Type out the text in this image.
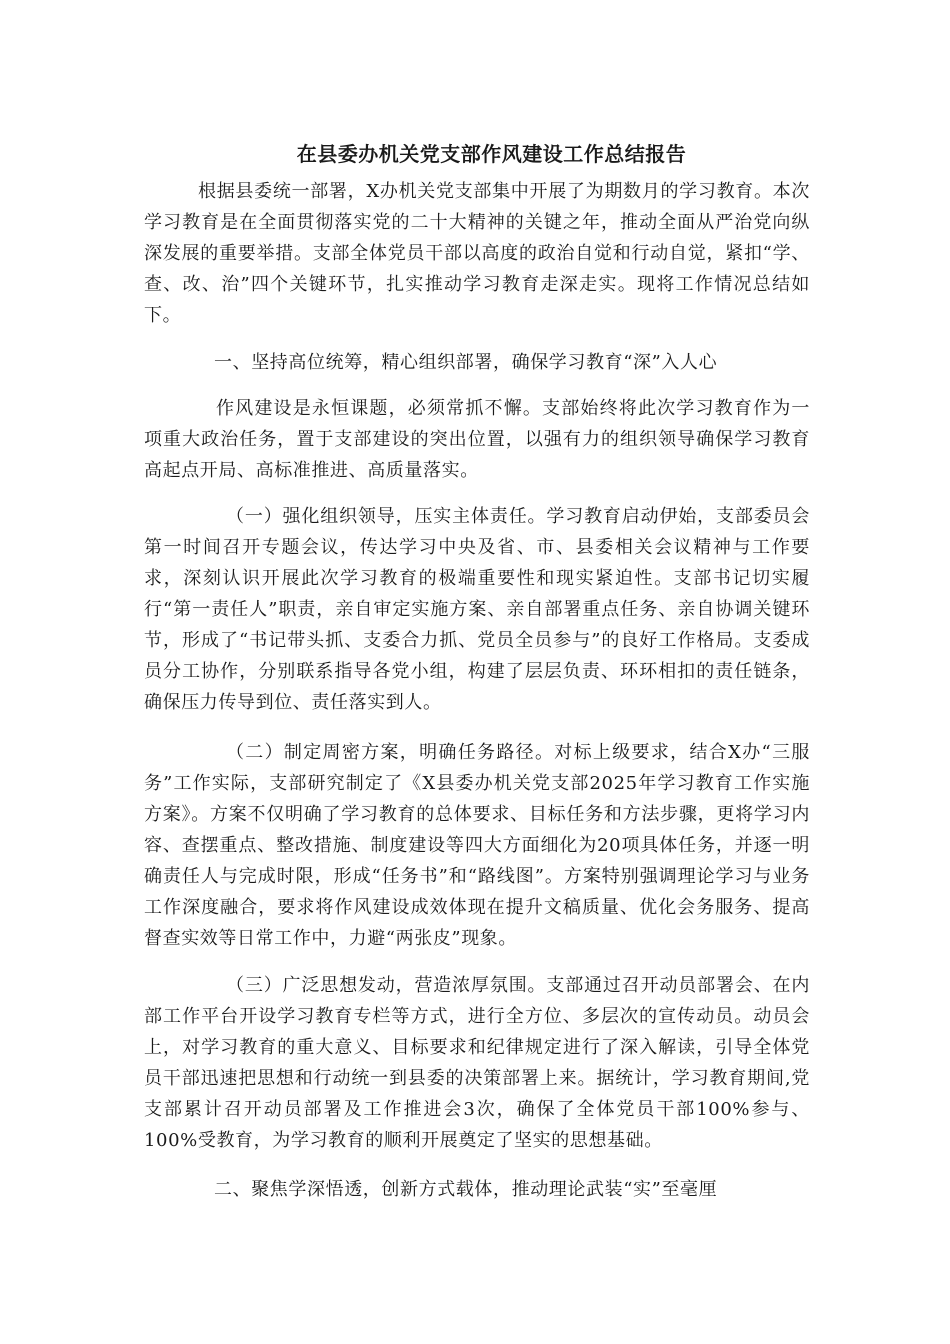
在县委办机关党支部作风建设工作总结报告

根据县委统一部署，X办机关党支部集中开展了为期数月的学习教育。本次学习教育是在全面贯彻落实党的二十大精神的关键之年，推动全面从严治党向纵深发展的重要举措。支部全体党员干部以高度的政治自觉和行动自觉，紧扣“学、查、改、治”四个关键环节，扎实推动学习教育走深走实。现将工作情况总结如下。

一、坚持高位统筹，精心组织部署，确保学习教育“深”入人心

作风建设是永恒课题，必须常抓不懈。支部始终将此次学习教育作为一项重大政治任务，置于支部建设的突出位置，以强有力的组织领导确保学习教育高起点开局、高标准推进、高质量落实。

（一）强化组织领导，压实主体责任。学习教育启动伊始，支部委员会第一时间召开专题会议，传达学习中央及省、市、县委相关会议精神与工作要求，深刻认识开展此次学习教育的极端重要性和现实紧迫性。支部书记切实履行“第一责任人”职责，亲自审定实施方案、亲自部署重点任务、亲自协调关键环节，形成了“书记带头抓、支委合力抓、党员全员参与”的良好工作格局。支委成员分工协作，分别联系指导各党小组，构建了层层负责、环环相扣的责任链条，确保压力传导到位、责任落实到人。

（二）制定周密方案，明确任务路径。对标上级要求，结合X办“三服务”工作实际，支部研究制定了《X县委办机关党支部2025年学习教育工作实施方案》。方案不仅明确了学习教育的总体要求、目标任务和方法步骤，更将学习内容、查摆重点、整改措施、制度建设等四大方面细化为20项具体任务，并逐一明确责任人与完成时限，形成“任务书”和“路线图”。方案特别强调理论学习与业务工作深度融合，要求将作风建设成效体现在提升文稿质量、优化会务服务、提高督查实效等日常工作中，力避“两张皮”现象。

（三）广泛思想发动，营造浓厚氛围。支部通过召开动员部署会、在内部工作平台开设学习教育专栏等方式，进行全方位、多层次的宣传动员。动员会上，对学习教育的重大意义、目标要求和纪律规定进行了深入解读，引导全体党员干部迅速把思想和行动统一到县委的决策部署上来。据统计，学习教育期间,党支部累计召开动员部署及工作推进会3次，确保了全体党员干部100%参与、100%受教育，为学习教育的顺利开展奠定了坚实的思想基础。

二、聚焦学深悟透，创新方式载体，推动理论武装“实”至毫厘
